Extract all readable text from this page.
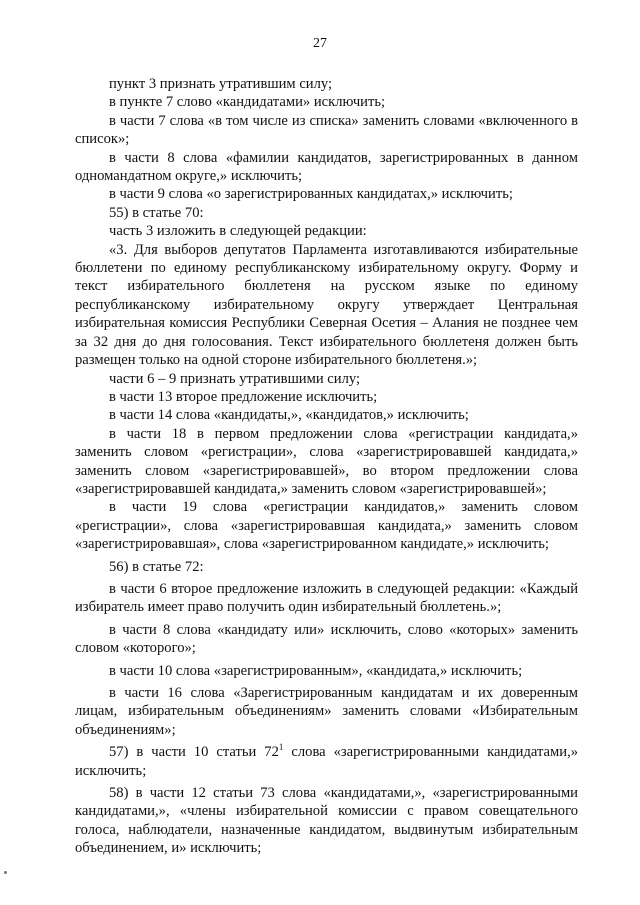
27

пункт 3 признать утратившим силу;

в пункте 7 слово «кандидатами» исключить;

в части 7 слова «в том числе из списка» заменить словами «включенного в список»;

в части 8 слова «фамилии кандидатов, зарегистрированных в данном одномандатном округе,» исключить;

в части 9 слова «о зарегистрированных кандидатах,» исключить;

55) в статье 70:

часть 3 изложить в следующей редакции:

«3. Для выборов депутатов Парламента изготавливаются избирательные бюллетени по единому республиканскому избирательному округу. Форму и текст избирательного бюллетеня на русском языке по единому республиканскому избирательному округу утверждает Центральная избирательная комиссия Республики Северная Осетия – Алания не позднее чем за 32 дня до дня голосования. Текст избирательного бюллетеня должен быть размещен только на одной стороне избирательного бюллетеня.»;

части 6 – 9 признать утратившими силу;

в части 13 второе предложение исключить;

в части 14 слова «кандидаты,», «кандидатов,» исключить;

в части 18 в первом предложении слова «регистрации кандидата,» заменить словом «регистрации», слова «зарегистрировавшей кандидата,» заменить словом «зарегистрировавшей», во втором предложении слова «зарегистрировавшей кандидата,» заменить словом «зарегистрировавшей»;

в части 19 слова «регистрации кандидатов,» заменить словом «регистрации», слова «зарегистрировавшая кандидата,» заменить словом «зарегистрировавшая», слова «зарегистрированном кандидате,» исключить;

56) в статье 72:

в части 6 второе предложение изложить в следующей редакции: «Каждый избиратель имеет право получить один избирательный бюллетень.»;

в части 8 слова «кандидату или» исключить, слово «которых» заменить словом «которого»;

в части 10 слова «зарегистрированным», «кандидата,» исключить;

в части 16 слова «Зарегистрированным кандидатам и их доверенным лицам, избирательным объединениям» заменить словами «Избирательным объединениям»;

57) в части 10 статьи $72^1$ слова «зарегистрированными кандидатами,» исключить;

58) в части 12 статьи 73 слова «кандидатами,», «зарегистрированными кандидатами,», «члены избирательной комиссии с правом совещательного голоса, наблюдатели, назначенные кандидатом, выдвинутым избирательным объединением, и» исключить;
